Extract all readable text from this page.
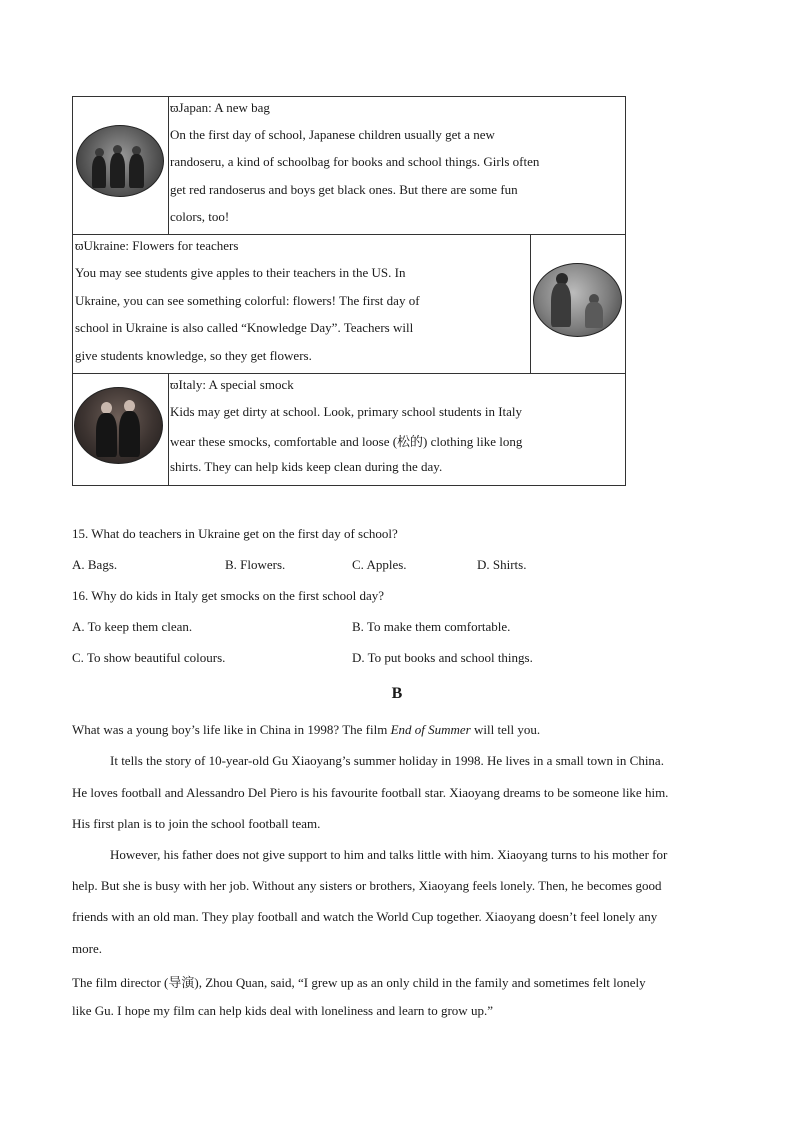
ϖJapan: A new bag
On the first day of school, Japanese children usually get a new
randoseru, a kind of schoolbag for books and school things. Girls often
get red randoserus and boys get black ones. But there are some fun
colors, too!
ϖUkraine: Flowers for teachers
You may see students give apples to their teachers in the US. In
Ukraine, you can see something colorful: flowers! The first day of
school in Ukraine is also called “Knowledge Day”. Teachers will
give students knowledge, so they get flowers.
ϖItaly: A special smock
Kids may get dirty at school. Look, primary school students in Italy
wear these smocks, comfortable and loose (松的) clothing like long
shirts. They can help kids keep clean during the day.
15. What do teachers in Ukraine get on the first day of school?
A. Bags.	B. Flowers.	C. Apples.	D. Shirts.
16. Why do kids in Italy get smocks on the first school day?
A. To keep them clean.	B. To make them comfortable.
C. To show beautiful colours.	D. To put books and school things.
B
What was a young boy’s life like in China in 1998? The film End of Summer will tell you.
It tells the story of 10-year-old Gu Xiaoyang’s summer holiday in 1998. He lives in a small town in China.
He loves football and Alessandro Del Piero is his favourite football star. Xiaoyang dreams to be someone like him.
His first plan is to join the school football team.
However, his father does not give support to him and talks little with him. Xiaoyang turns to his mother for
help. But she is busy with her job. Without any sisters or brothers, Xiaoyang feels lonely. Then, he becomes good
friends with an old man. They play football and watch the World Cup together. Xiaoyang doesn’t feel lonely any
more.
The film director (导演), Zhou Quan, said, “I grew up as an only child in the family and sometimes felt lonely
like Gu. I hope my film can help kids deal with loneliness and learn to grow up.”
